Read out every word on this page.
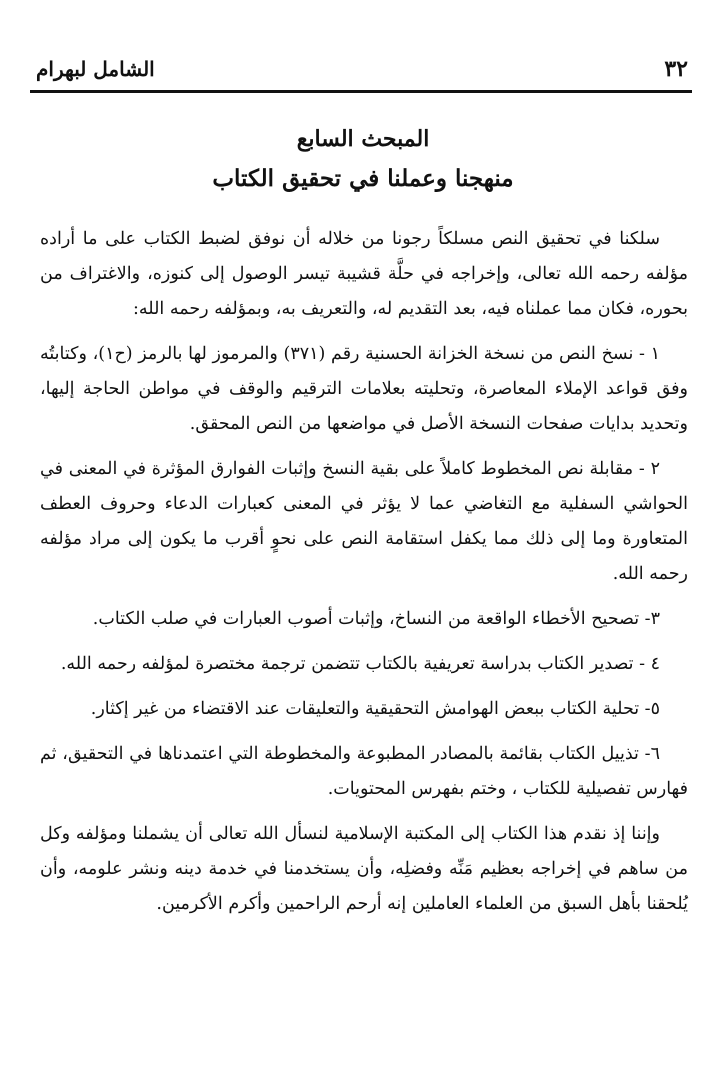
٣٢
الشامل لبهرام
المبحث السابع
منهجنا وعملنا في تحقيق الكتاب

سلكنا في تحقيق النص مسلكاً رجونا من خلاله أن نوفق لضبط الكتاب على ما أراده مؤلفه رحمه الله تعالى، وإخراجه في حلَّة قشيبة تيسر الوصول إلى كنوزه، والاغتراف من بحوره، فكان مما عملناه فيه، بعد التقديم له، والتعريف به، وبمؤلفه رحمه الله:

١ - نسخ النص من نسخة الخزانة الحسنية رقم (٣٧١) والمرموز لها بالرمز (ح١)، وكتابتُه وفق قواعد الإملاء المعاصرة، وتحليته بعلامات الترقيم والوقف في مواطن الحاجة إليها، وتحديد بدايات صفحات النسخة الأصل في مواضعها من النص المحقق.

٢ - مقابلة نص المخطوط كاملاً على بقية النسخ وإثبات الفوارق المؤثرة في المعنى في الحواشي السفلية مع التغاضي عما لا يؤثر في المعنى كعبارات الدعاء وحروف العطف المتعاورة وما إلى ذلك مما يكفل استقامة النص على نحوٍ أقرب ما يكون إلى مراد مؤلفه رحمه الله.

٣- تصحيح الأخطاء الواقعة من النساخ، وإثبات أصوب العبارات في صلب الكتاب.

٤ - تصدير الكتاب بدراسة تعريفية بالكتاب تتضمن ترجمة مختصرة لمؤلفه رحمه الله.

٥- تحلية الكتاب ببعض الهوامش التحقيقية والتعليقات عند الاقتضاء من غير إكثار.

٦- تذييل الكتاب بقائمة بالمصادر المطبوعة والمخطوطة التي اعتمدناها في التحقيق، ثم فهارس تفصيلية للكتاب ، وختم بفهرس المحتويات.

وإننا إذ نقدم هذا الكتاب إلى المكتبة الإسلامية لنسأل الله تعالى أن يشملنا ومؤلفه وكل من ساهم في إخراجه بعظيم مَنِّه وفضلِه، وأن يستخدمنا في خدمة دينه ونشر علومه، وأن يُلحقنا بأهل السبق من العلماء العاملين إنه أرحم الراحمين وأكرم الأكرمين.
